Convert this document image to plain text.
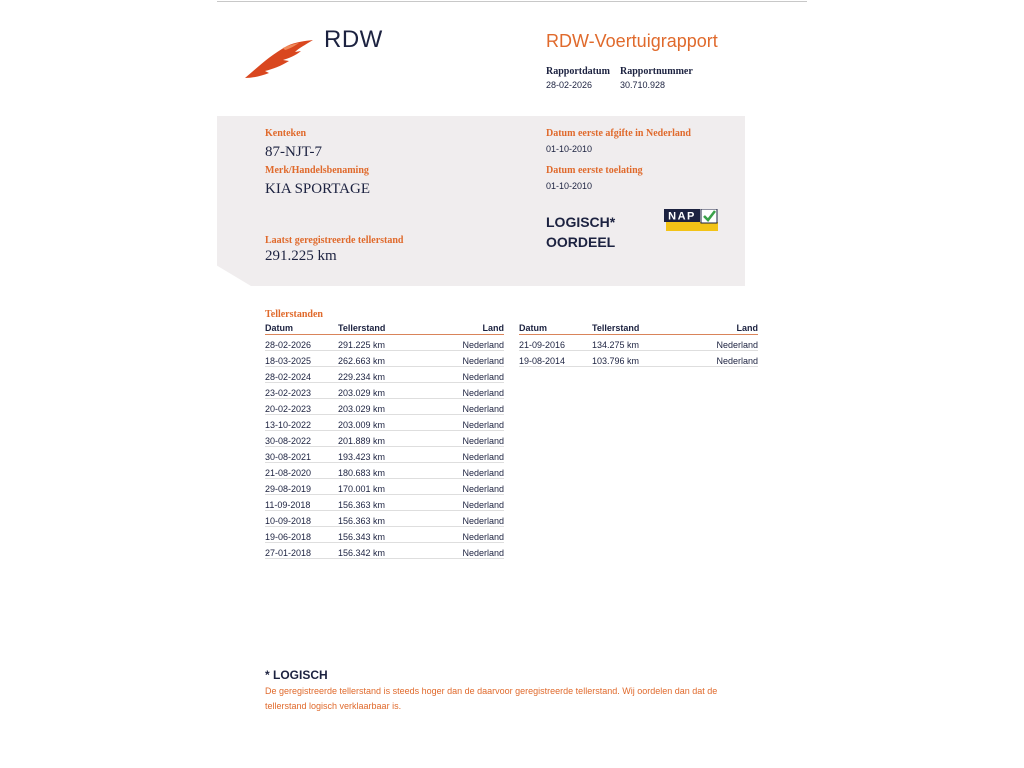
RDW	RDW-Voertuigrapport
Rapportdatum
28-02-2026
Rapportnummer
30.710.928
Kenteken
87-NJT-7
Merk/Handelsbenaming
KIA SPORTAGE
Laatst geregistreerde tellerstand
291.225 km
Datum eerste afgifte in Nederland
01-10-2010
Datum eerste toelating
01-10-2010
LOGISCH*
OORDEEL
NAP
Tellerstanden
Datum	Tellerstand	Land
28-02-2026	291.225 km	Nederland
18-03-2025	262.663 km	Nederland
28-02-2024	229.234 km	Nederland
23-02-2023	203.029 km	Nederland
20-02-2023	203.029 km	Nederland
13-10-2022	203.009 km	Nederland
30-08-2022	201.889 km	Nederland
30-08-2021	193.423 km	Nederland
21-08-2020	180.683 km	Nederland
29-08-2019	170.001 km	Nederland
11-09-2018	156.363 km	Nederland
10-09-2018	156.363 km	Nederland
19-06-2018	156.343 km	Nederland
27-01-2018	156.342 km	Nederland
Datum	Tellerstand	Land
21-09-2016	134.275 km	Nederland
19-08-2014	103.796 km	Nederland
* LOGISCH
De geregistreerde tellerstand is steeds hoger dan de daarvoor geregistreerde tellerstand. Wij oordelen dan dat de tellerstand logisch verklaarbaar is.
